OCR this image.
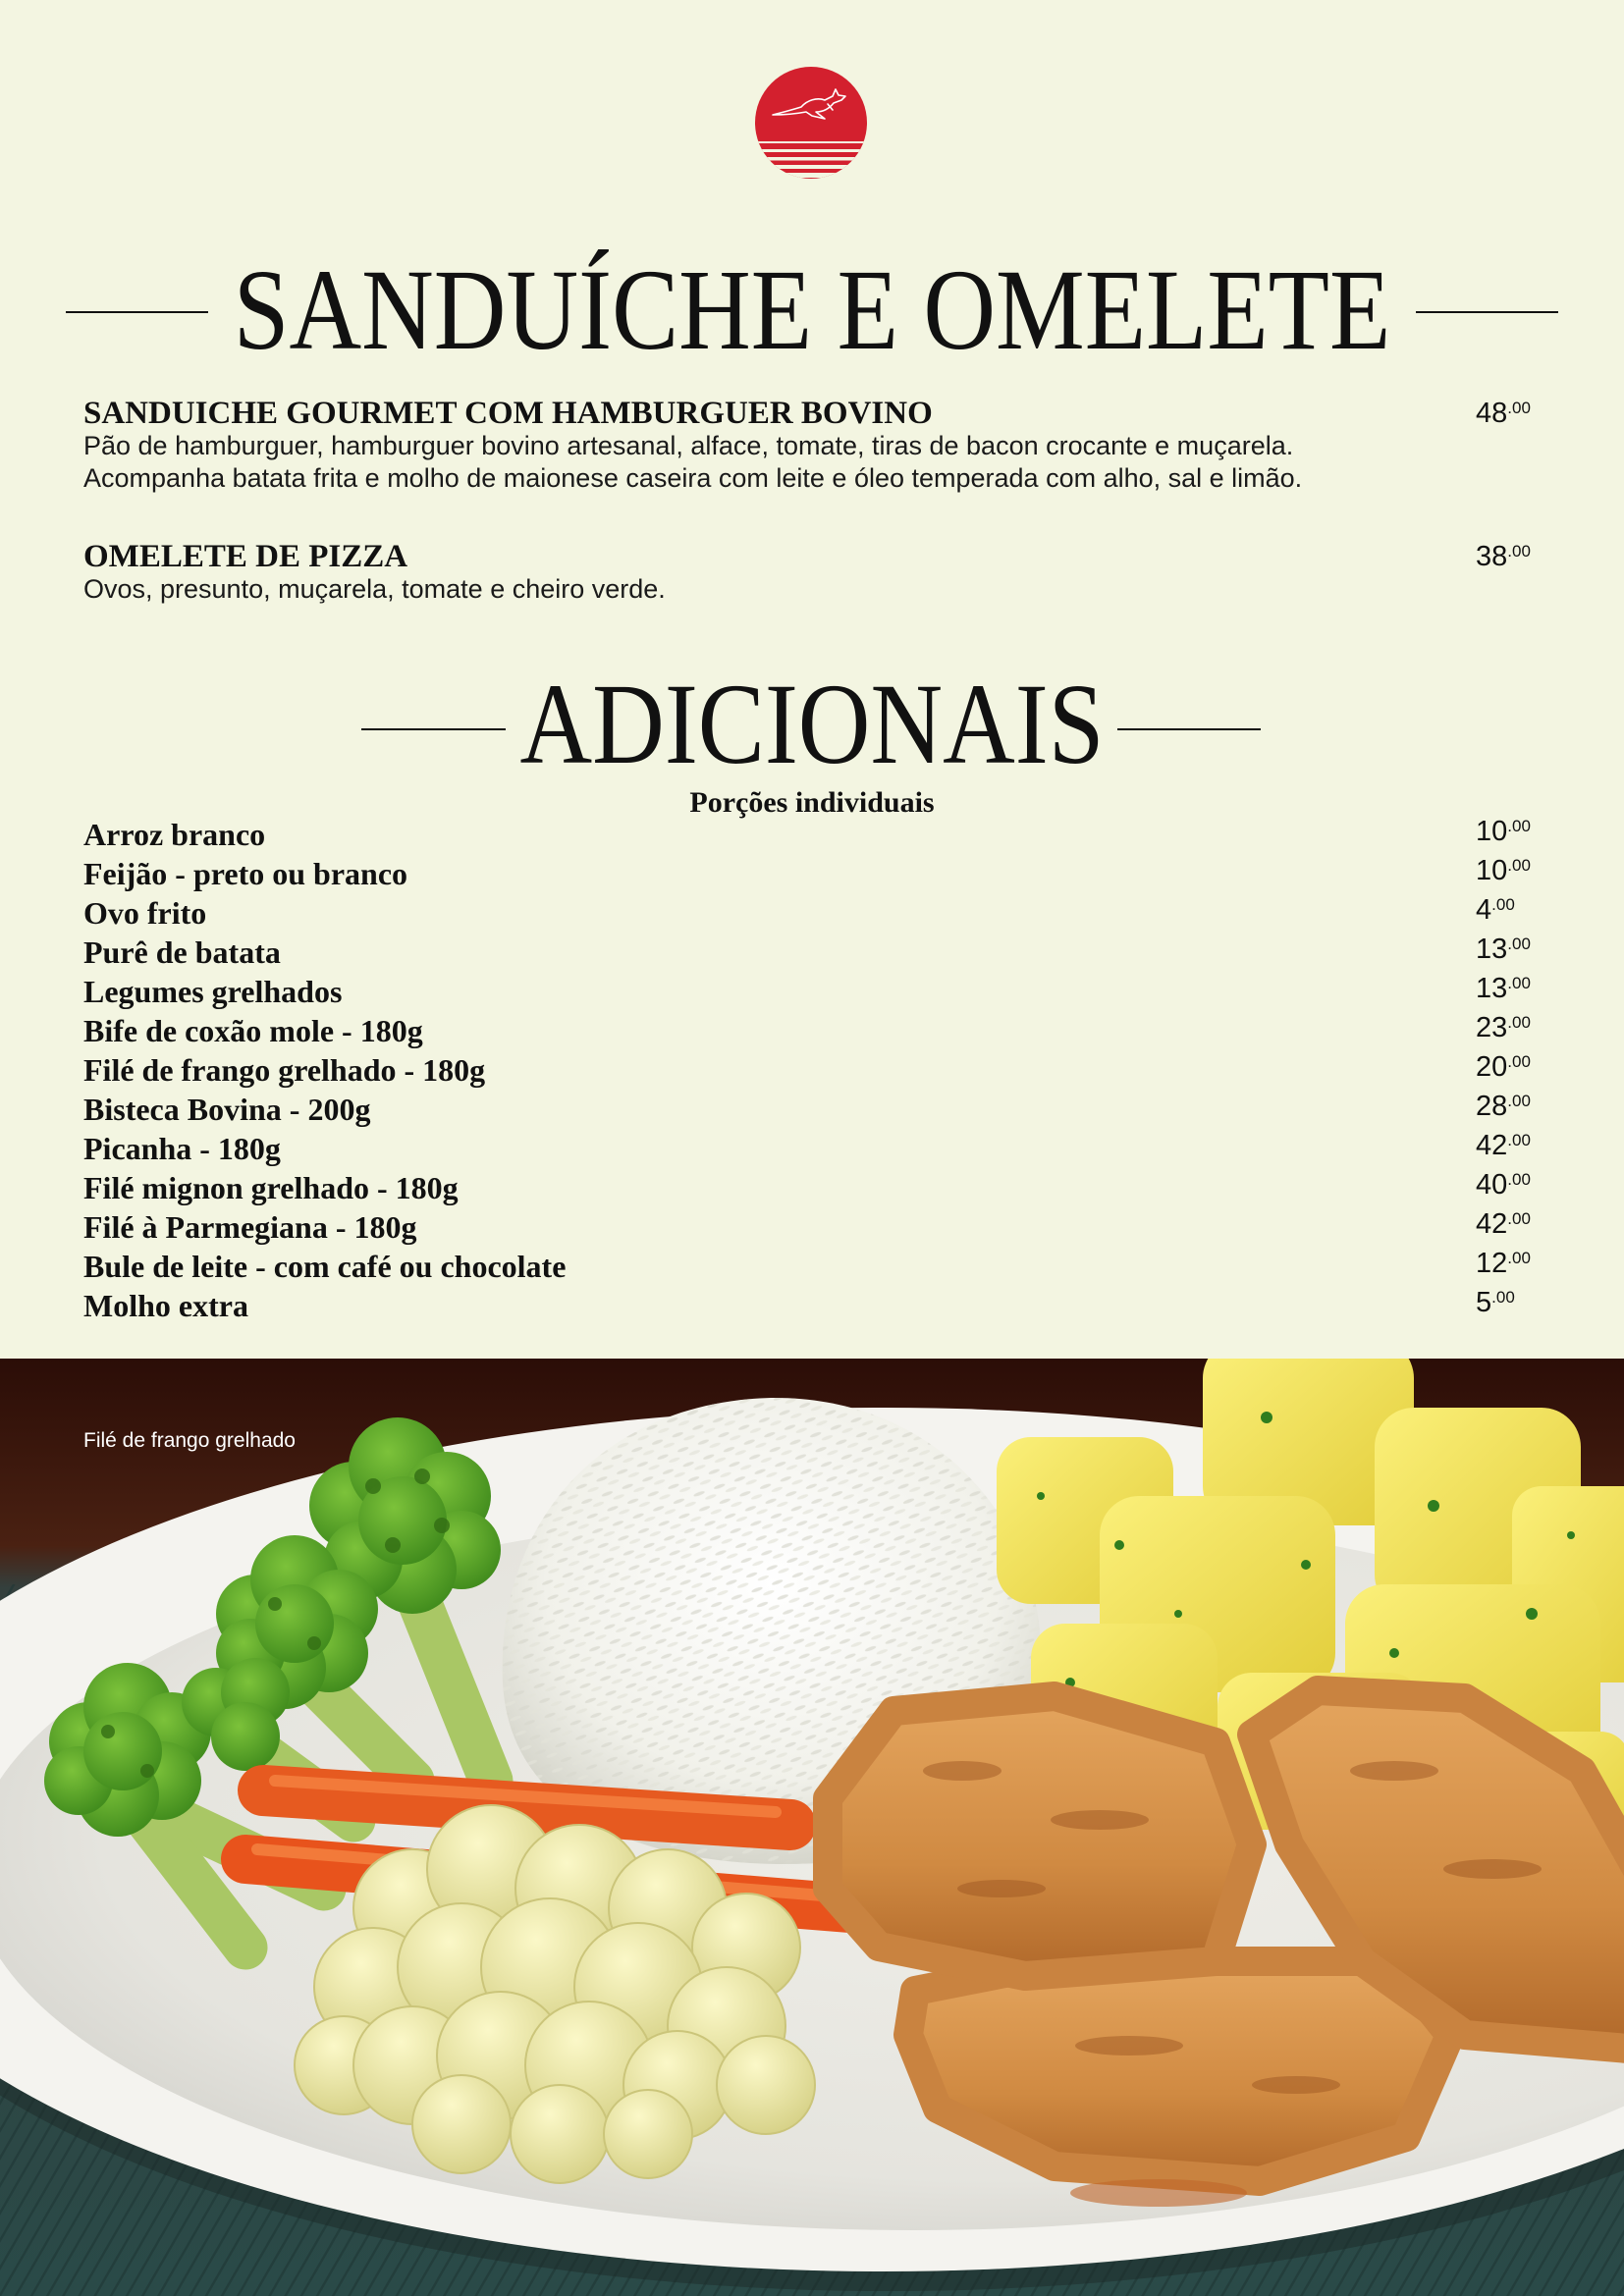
SANDUÍCHE E OMELETE
SANDUICHE GOURMET COM HAMBURGUER BOVINO	$48^{.00}$
Pão de hamburguer, hamburguer bovino artesanal, alface, tomate, tiras de bacon crocante e muçarela.
Acompanha batata frita e molho de maionese caseira com leite e óleo temperada com alho, sal e limão.
OMELETE DE PIZZA	$38^{.00}$
Ovos, presunto, muçarela, tomate e cheiro verde.
ADICIONAIS
Porções individuais
Arroz branco	$10^{.00}$
Feijão - preto ou branco	$10^{.00}$
Ovo frito	$4^{.00}$
Purê de batata	$13^{.00}$
Legumes grelhados	$13^{.00}$
Bife de coxão mole - 180g	$23^{.00}$
Filé de frango grelhado - 180g	$20^{.00}$
Bisteca Bovina - 200g	$28^{.00}$
Picanha - 180g	$42^{.00}$
Filé mignon grelhado - 180g	$40^{.00}$
Filé à Parmegiana - 180g	$42^{.00}$
Bule de leite - com café ou chocolate	$12^{.00}$
Molho extra	$5^{.00}$
Filé de frango grelhado
